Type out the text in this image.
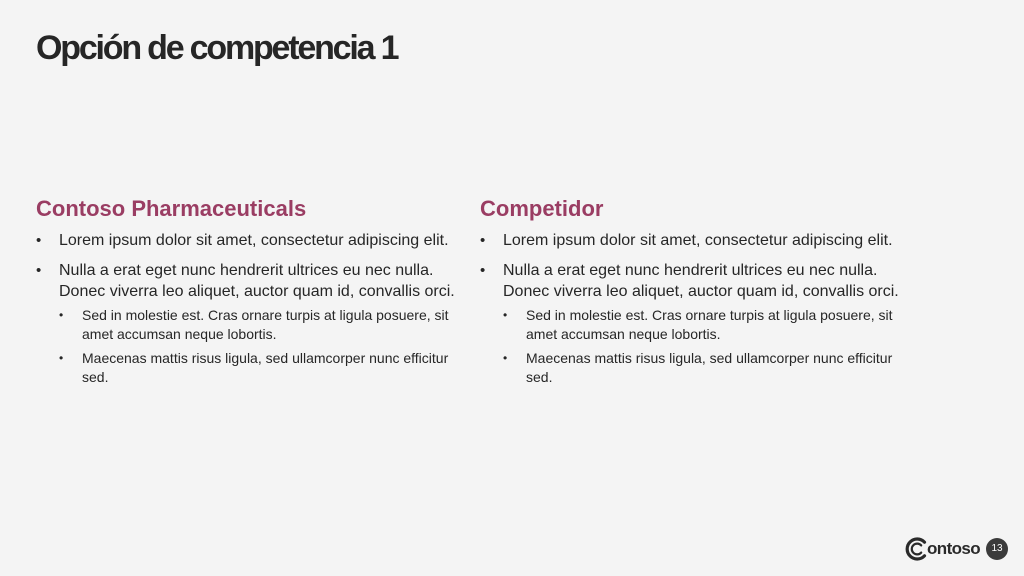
Opción de competencia 1
Contoso Pharmaceuticals
• Lorem ipsum dolor sit amet, consectetur adipiscing elit.
• Nulla a erat eget nunc hendrerit ultrices eu nec nulla. Donec viverra leo aliquet, auctor quam id, convallis orci.
• Sed in molestie est. Cras ornare turpis at ligula posuere, sit amet accumsan neque lobortis.
• Maecenas mattis risus ligula, sed ullamcorper nunc efficitur sed.
Competidor
• Lorem ipsum dolor sit amet, consectetur adipiscing elit.
• Nulla a erat eget nunc hendrerit ultrices eu nec nulla. Donec viverra leo aliquet, auctor quam id, convallis orci.
• Sed in molestie est. Cras ornare turpis at ligula posuere, sit amet accumsan neque lobortis.
• Maecenas mattis risus ligula, sed ullamcorper nunc efficitur sed.
ontoso	13
